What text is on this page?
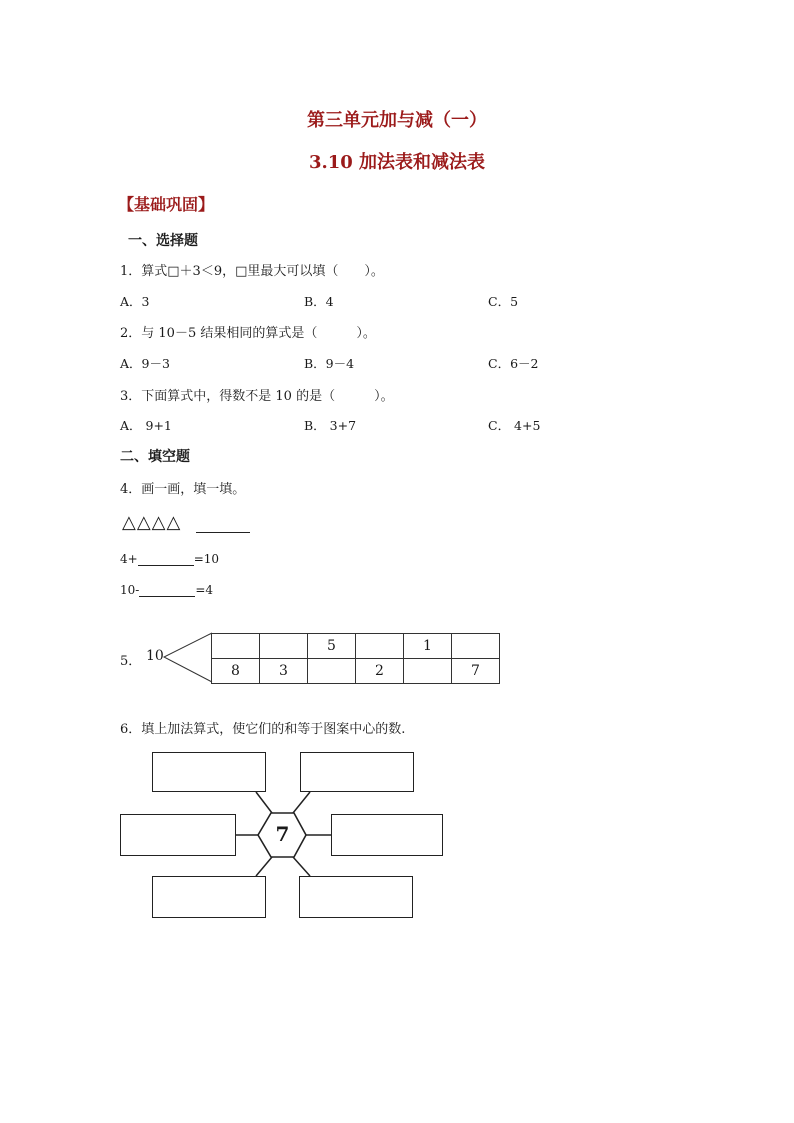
第三单元加与减（一）
3.10 加法表和减法表
【基础巩固】
一、选择题
1．算式□＋3＜9，□里最大可以填（　　）。
A．3	B．4	C．5
2．与 10－5 结果相同的算式是（　　　）。
A．9－3	B．9－4	C．6－2
3．下面算式中，得数不是 10 的是（　　　）。
A． 9+1	B． 3+7	C． 4+5
二、填空题
4．画一画，填一填。
△△△△
4+	=10
10-	=4
5． 10
		5		1	
8	3		2		7
6．填上加法算式，使它们的和等于图案中心的数.
7
